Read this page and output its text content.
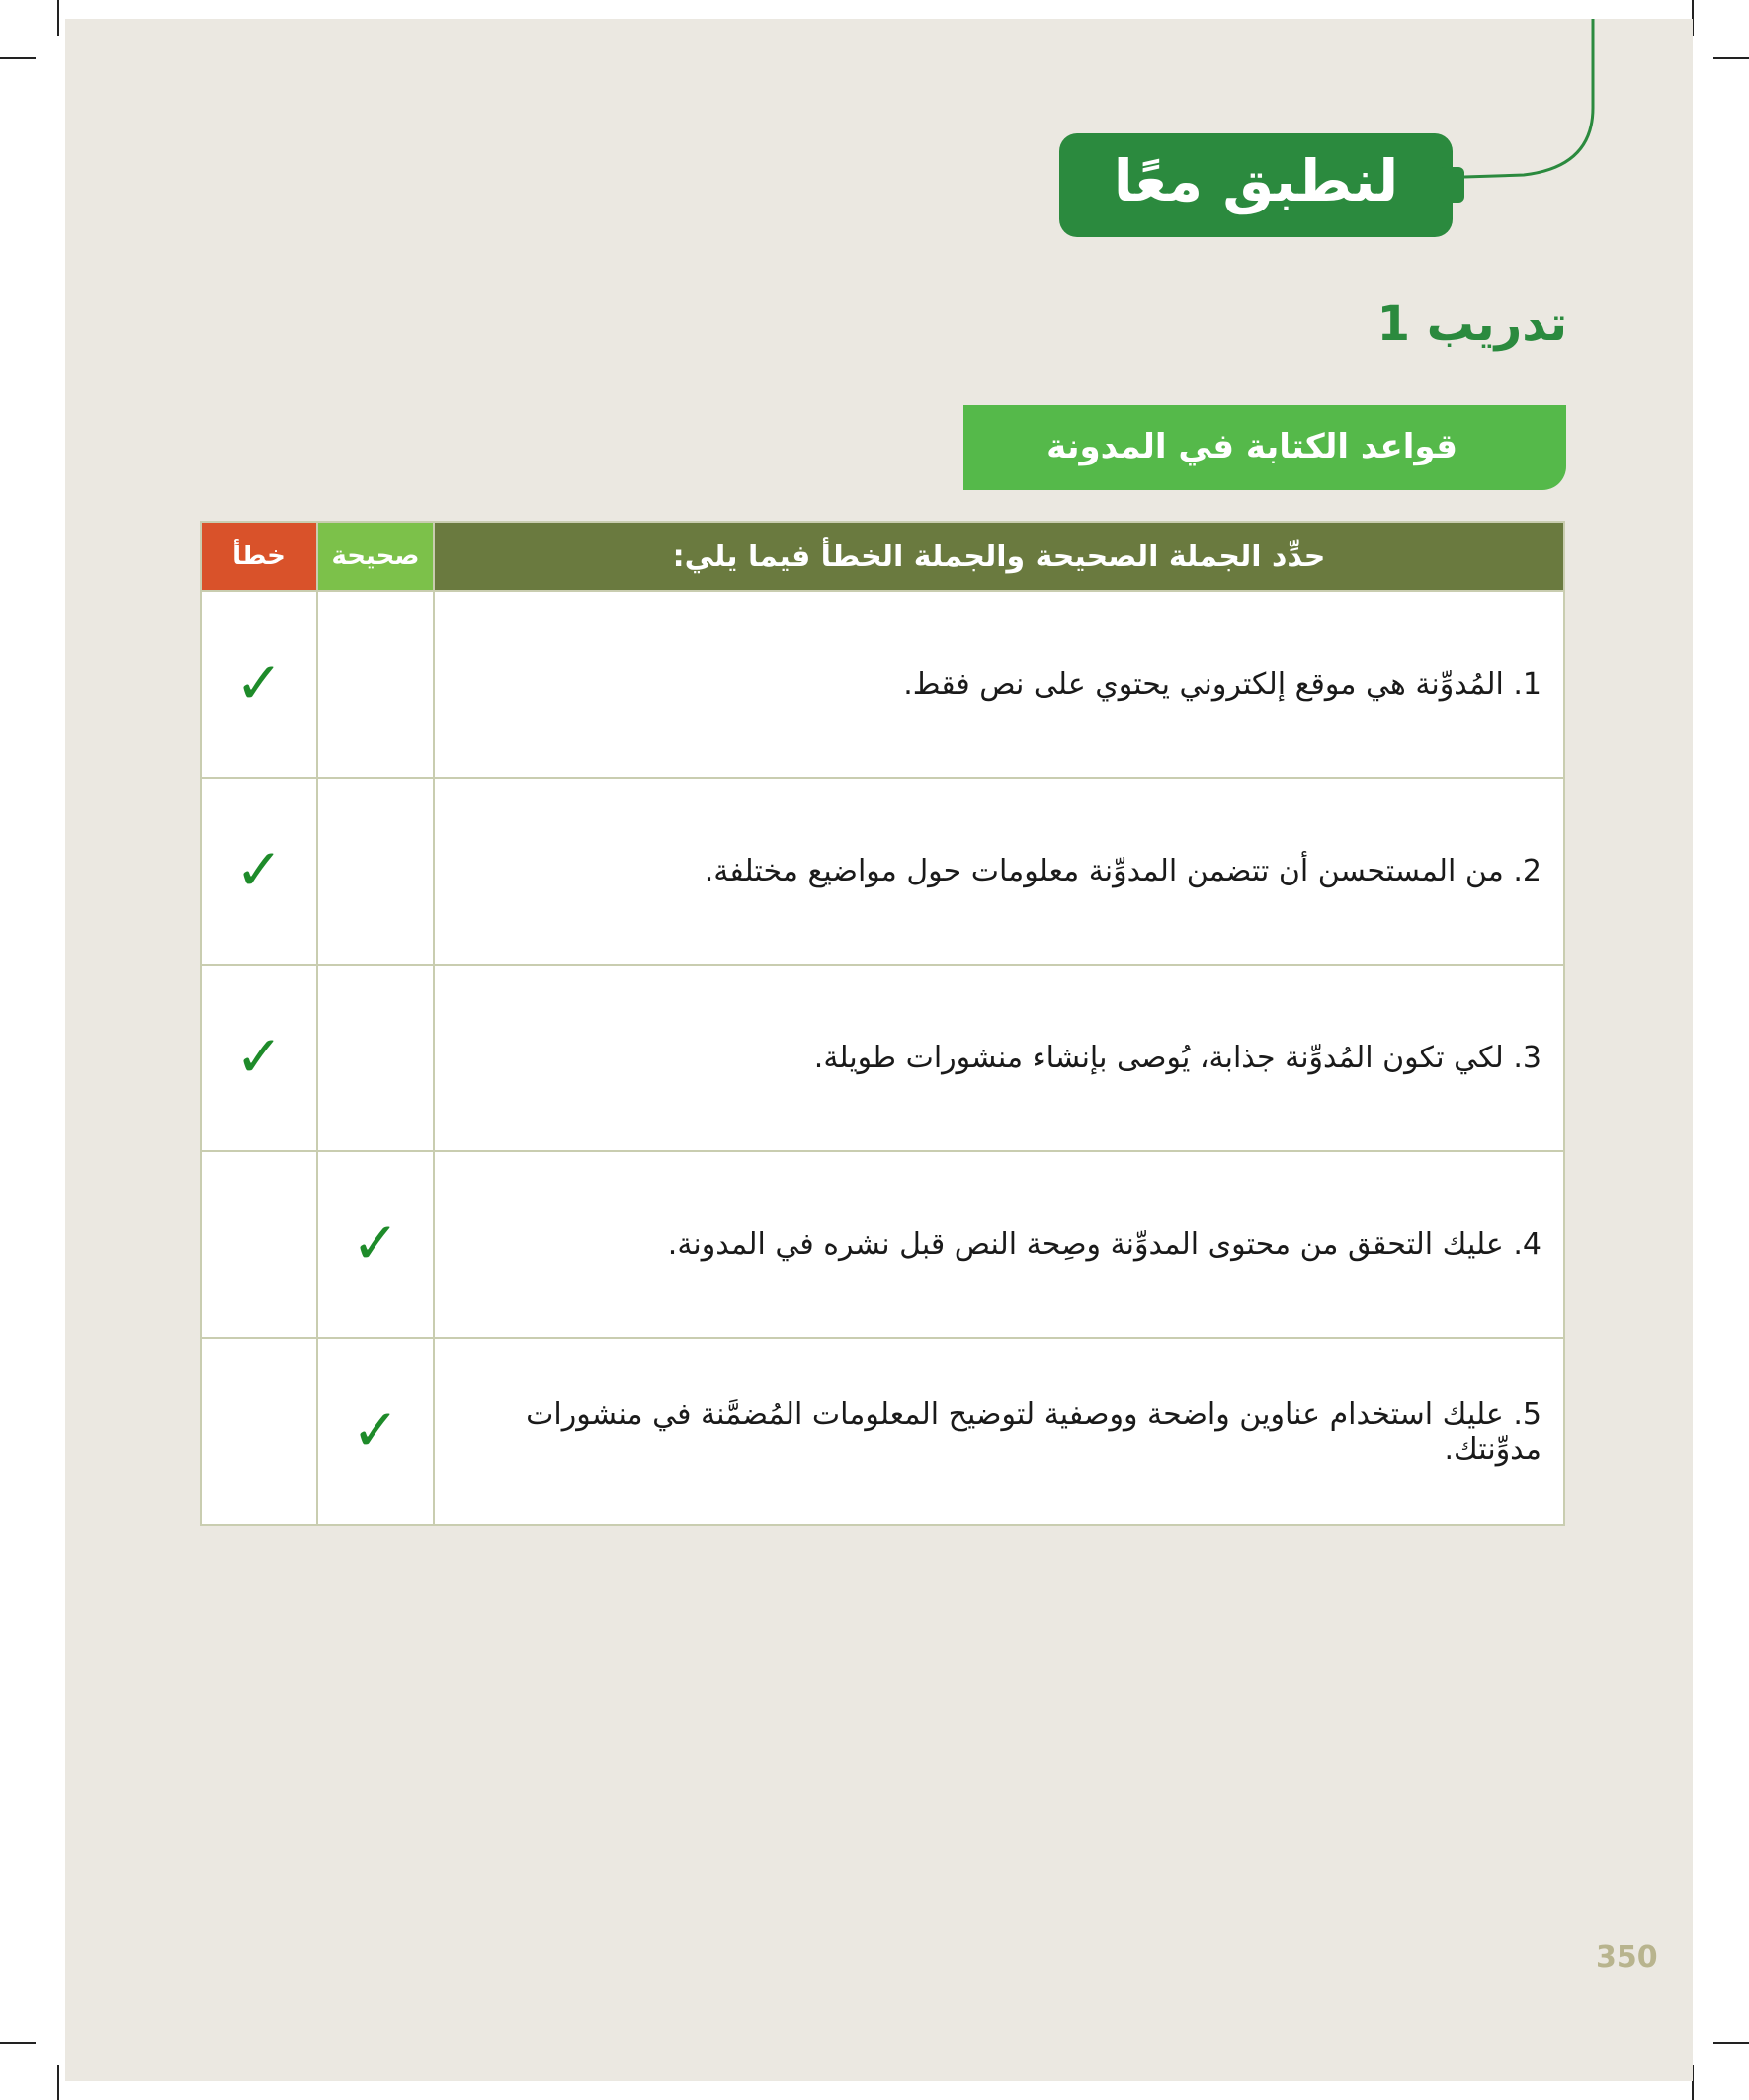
لنطبق معًا
تدريب 1
قواعد الكتابة في المدونة
خطأ	صحيحة	حدِّد الجملة الصحيحة والجملة الخطأ فيما يلي:
✓		1. المُدوِّنة هي موقع إلكتروني يحتوي على نص فقط.
✓		2. من المستحسن أن تتضمن المدوِّنة معلومات حول مواضيع مختلفة.
✓		3. لكي تكون المُدوِّنة جذابة، يُوصى بإنشاء منشورات طويلة.
	✓	4. عليك التحقق من محتوى المدوِّنة وصِحة النص قبل نشره في المدونة.
	✓	5. عليك استخدام عناوين واضحة ووصفية لتوضيح المعلومات المُضمَّنة في منشورات مدوِّنتك.
350
